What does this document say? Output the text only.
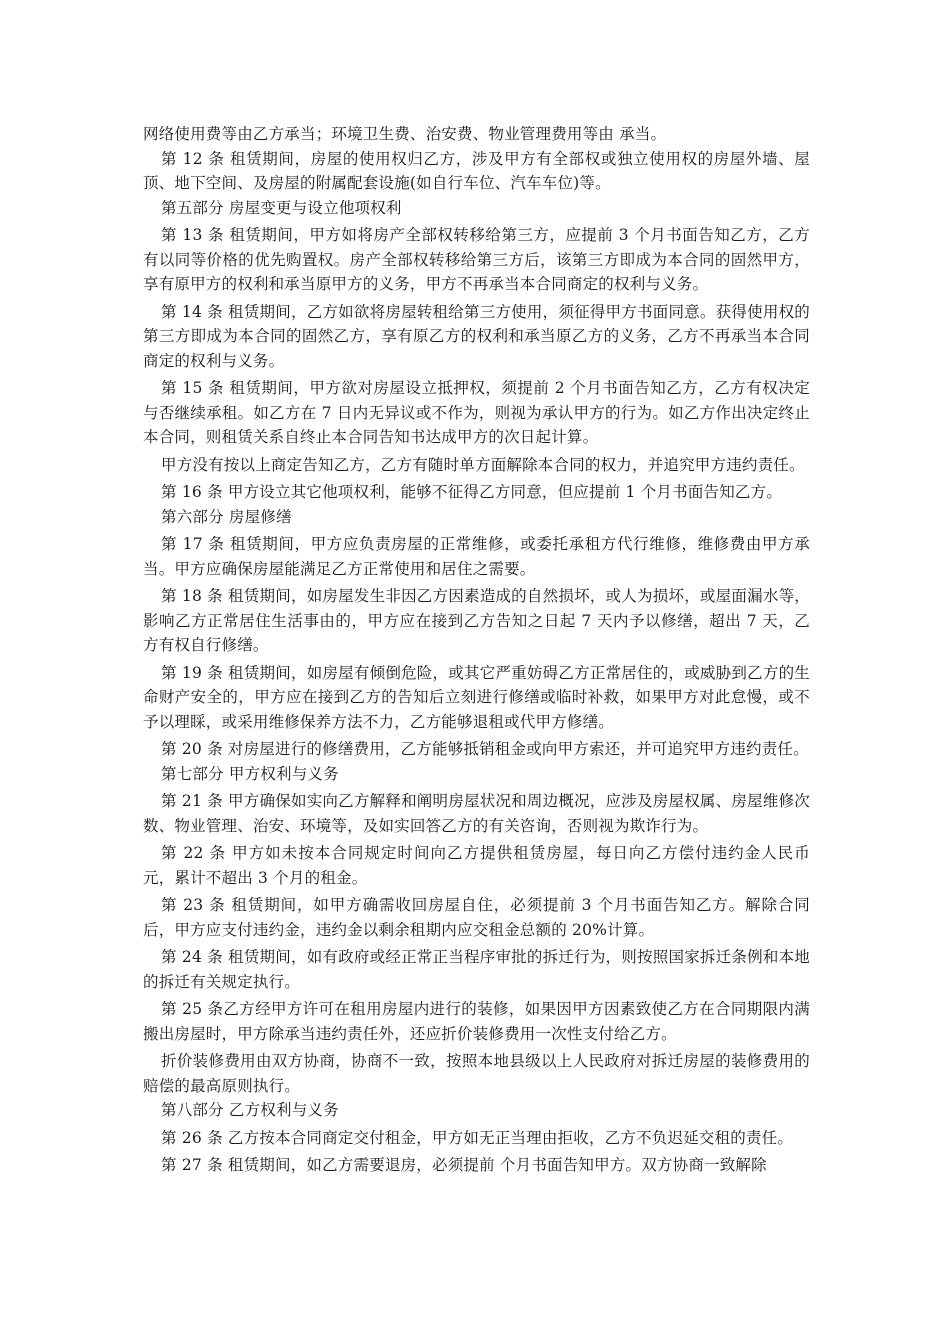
网络使用费等由乙方承当；环境卫生费、治安费、物业管理费用等由 承当。

第 12 条 租赁期间，房屋的使用权归乙方，涉及甲方有全部权或独立使用权的房屋外墙、屋顶、地下空间、及房屋的附属配套设施(如自行车位、汽车车位)等。

第五部分 房屋变更与设立他项权利

第 13 条 租赁期间，甲方如将房产全部权转移给第三方，应提前 3 个月书面告知乙方，乙方有以同等价格的优先购置权。房产全部权转移给第三方后，该第三方即成为本合同的固然甲方，享有原甲方的权利和承当原甲方的义务，甲方不再承当本合同商定的权利与义务。

第 14 条 租赁期间，乙方如欲将房屋转租给第三方使用，须征得甲方书面同意。获得使用权的第三方即成为本合同的固然乙方，享有原乙方的权利和承当原乙方的义务，乙方不再承当本合同商定的权利与义务。

第 15 条 租赁期间，甲方欲对房屋设立抵押权，须提前 2 个月书面告知乙方，乙方有权决定与否继续承租。如乙方在 7 日内无异议或不作为，则视为承认甲方的行为。如乙方作出决定终止本合同，则租赁关系自终止本合同告知书达成甲方的次日起计算。

甲方没有按以上商定告知乙方，乙方有随时单方面解除本合同的权力，并追究甲方违约责任。

第 16 条 甲方设立其它他项权利，能够不征得乙方同意，但应提前 1 个月书面告知乙方。

第六部分 房屋修缮

第 17 条 租赁期间，甲方应负责房屋的正常维修，或委托承租方代行维修，维修费由甲方承当。甲方应确保房屋能满足乙方正常使用和居住之需要。

第 18 条 租赁期间，如房屋发生非因乙方因素造成的自然损坏，或人为损坏，或屋面漏水等，影响乙方正常居住生活事由的，甲方应在接到乙方告知之日起 7 天内予以修缮，超出 7 天，乙方有权自行修缮。

第 19 条 租赁期间，如房屋有倾倒危险，或其它严重妨碍乙方正常居住的，或威胁到乙方的生命财产安全的，甲方应在接到乙方的告知后立刻进行修缮或临时补救，如果甲方对此怠慢，或不予以理睬，或采用维修保养方法不力，乙方能够退租或代甲方修缮。

第 20 条 对房屋进行的修缮费用，乙方能够抵销租金或向甲方索还，并可追究甲方违约责任。

第七部分 甲方权利与义务

第 21 条 甲方确保如实向乙方解释和阐明房屋状况和周边概况，应涉及房屋权属、房屋维修次数、物业管理、治安、环境等，及如实回答乙方的有关咨询，否则视为欺诈行为。

第 22 条 甲方如未按本合同规定时间向乙方提供租赁房屋，每日向乙方偿付违约金人民币 元，累计不超出 3 个月的租金。

第 23 条 租赁期间，如甲方确需收回房屋自住，必须提前 3 个月书面告知乙方。解除合同后，甲方应支付违约金，违约金以剩余租期内应交租金总额的 20%计算。

第 24 条 租赁期间，如有政府或经正常正当程序审批的拆迁行为，则按照国家拆迁条例和本地的拆迁有关规定执行。

第 25 条乙方经甲方许可在租用房屋内进行的装修，如果因甲方因素致使乙方在合同期限内满搬出房屋时，甲方除承当违约责任外，还应折价装修费用一次性支付给乙方。

折价装修费用由双方协商，协商不一致，按照本地县级以上人民政府对拆迁房屋的装修费用的赔偿的最高原则执行。

第八部分 乙方权利与义务

第 26 条 乙方按本合同商定交付租金，甲方如无正当理由拒收，乙方不负迟延交租的责任。

第 27 条 租赁期间，如乙方需要退房，必须提前 个月书面告知甲方。双方协商一致解除
